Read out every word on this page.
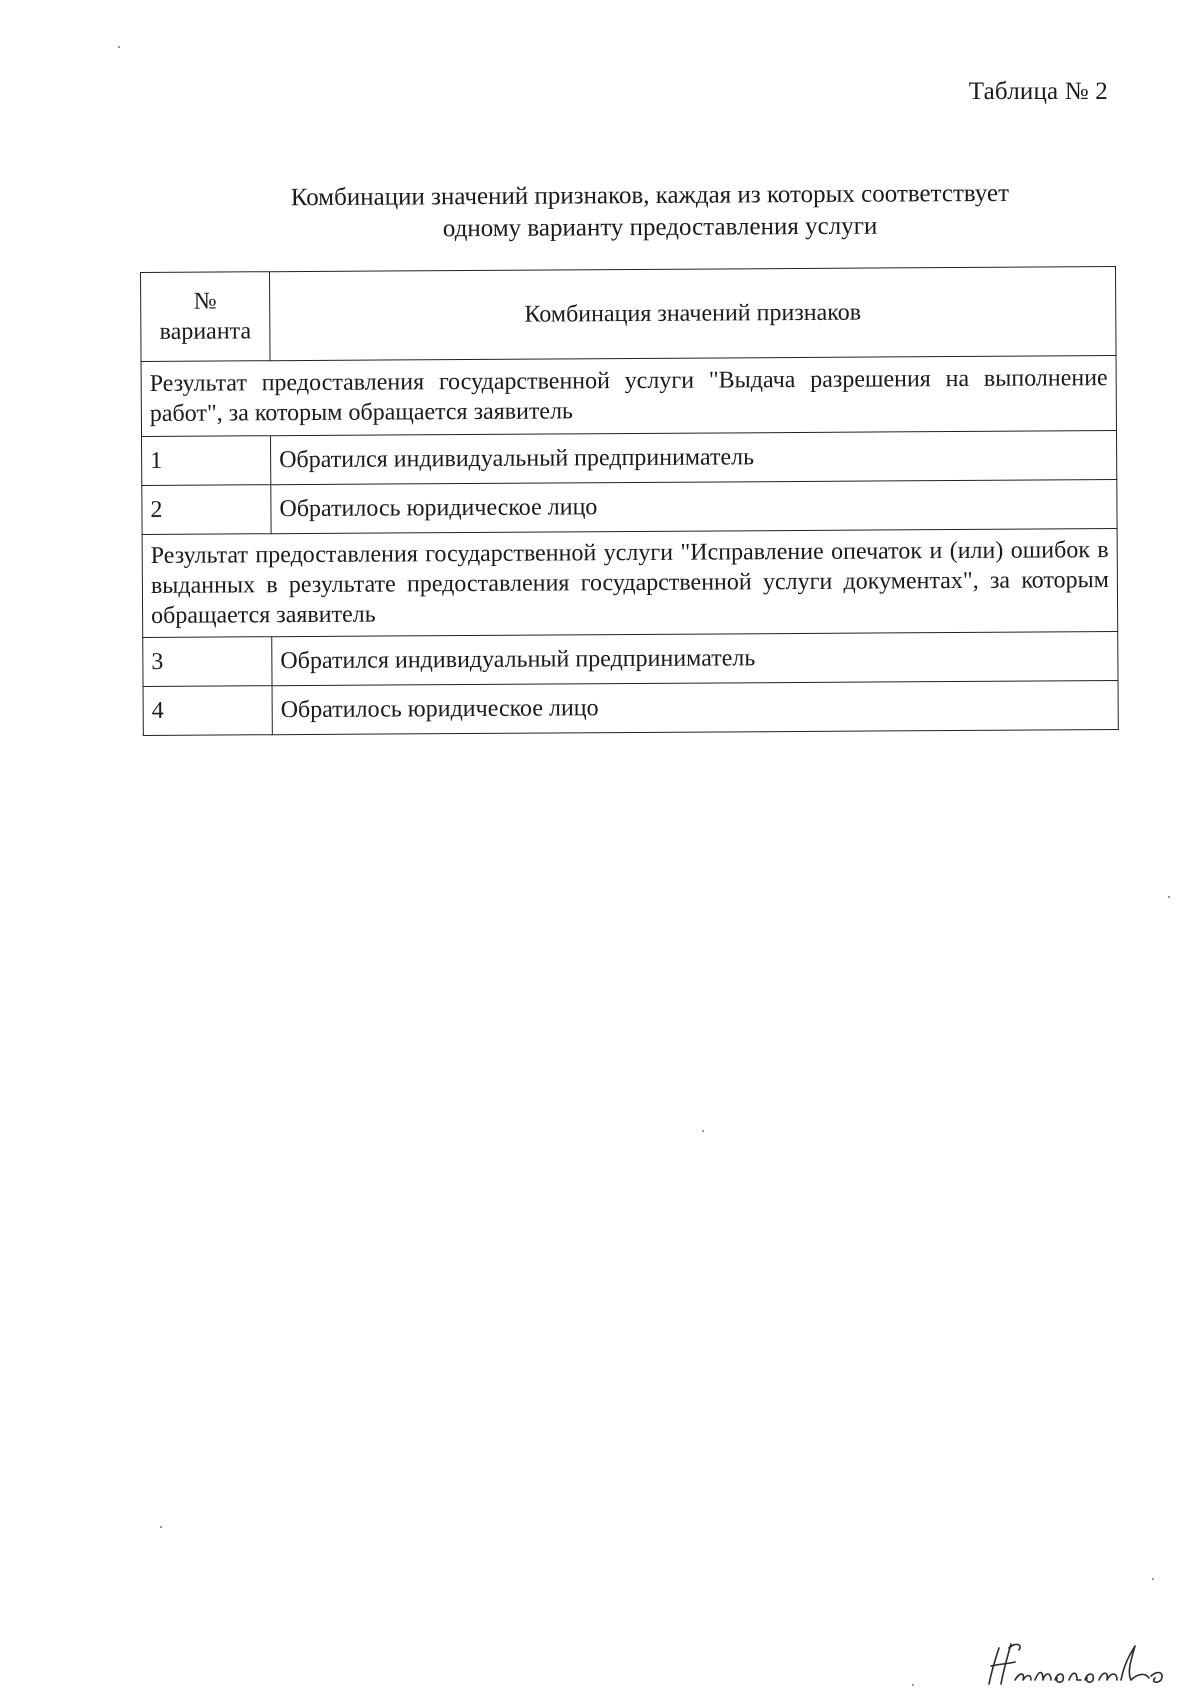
Таблица № 2
Комбинации значений признаков, каждая из которых соответствует
одному варианту предоставления услуги
№ варианта	Комбинация значений признаков
Результат предоставления государственной услуги "Выдача разрешения на выполнение работ", за которым обращается заявитель	
1	Обратился индивидуальный предприниматель
2	Обратилось юридическое лицо
Результат предоставления государственной услуги "Исправление опечаток и (или) ошибок в выданных в результате предоставления государственной услуги документах", за которым обращается заявитель	
3	Обратился индивидуальный предприниматель
4	Обратилось юридическое лицо
